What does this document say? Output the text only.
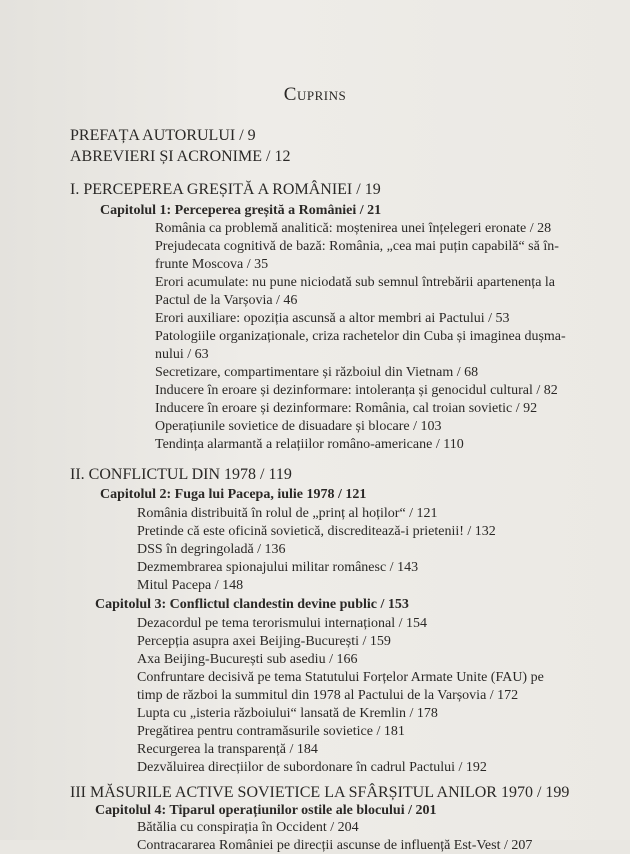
Cuprins
PREFAȚA AUTORULUI / 9
ABREVIERI ȘI ACRONIME / 12
I. PERCEPEREA GREȘITĂ A ROMÂNIEI / 19
Capitolul 1: Perceperea greșită a României / 21
România ca problemă analitică: moștenirea unei înțelegeri eronate / 28
Prejudecata cognitivă de bază: România, „cea mai puțin capabilă“ să în-
frunte Moscova / 35
Erori acumulate: nu pune niciodată sub semnul întrebării apartenența la
Pactul de la Varșovia / 46
Erori auxiliare: opoziția ascunsă a altor membri ai Pactului / 53
Patologiile organizaționale, criza rachetelor din Cuba și imaginea dușma-
nului / 63
Secretizare, compartimentare și războiul din Vietnam / 68
Inducere în eroare și dezinformare: intoleranța și genocidul cultural / 82
Inducere în eroare și dezinformare: România, cal troian sovietic / 92
Operațiunile sovietice de disuadare și blocare / 103
Tendința alarmantă a relațiilor româno-americane / 110
II. CONFLICTUL DIN 1978 / 119
Capitolul 2: Fuga lui Pacepa, iulie 1978 / 121
România distribuită în rolul de „prinț al hoților“ / 121
Pretinde că este oficină sovietică, discreditează-i prietenii! / 132
DSS în degringoladă / 136
Dezmembrarea spionajului militar românesc / 143
Mitul Pacepa / 148
Capitolul 3: Conflictul clandestin devine public / 153
Dezacordul pe tema terorismului internațional / 154
Percepția asupra axei Beijing-București / 159
Axa Beijing-București sub asediu / 166
Confruntare decisivă pe tema Statutului Forțelor Armate Unite (FAU) pe
timp de război la summitul din 1978 al Pactului de la Varșovia / 172
Lupta cu „isteria războiului“ lansată de Kremlin / 178
Pregătirea pentru contramăsurile sovietice / 181
Recurgerea la transparență / 184
Dezvăluirea direcțiilor de subordonare în cadrul Pactului / 192
III MĂSURILE ACTIVE SOVIETICE LA SFÂRȘITUL ANILOR 1970 / 199
Capitolul 4: Tiparul operațiunilor ostile ale blocului / 201
Bătălia cu conspirația în Occident / 204
Contracararea României pe direcții ascunse de influență Est-Vest / 207
